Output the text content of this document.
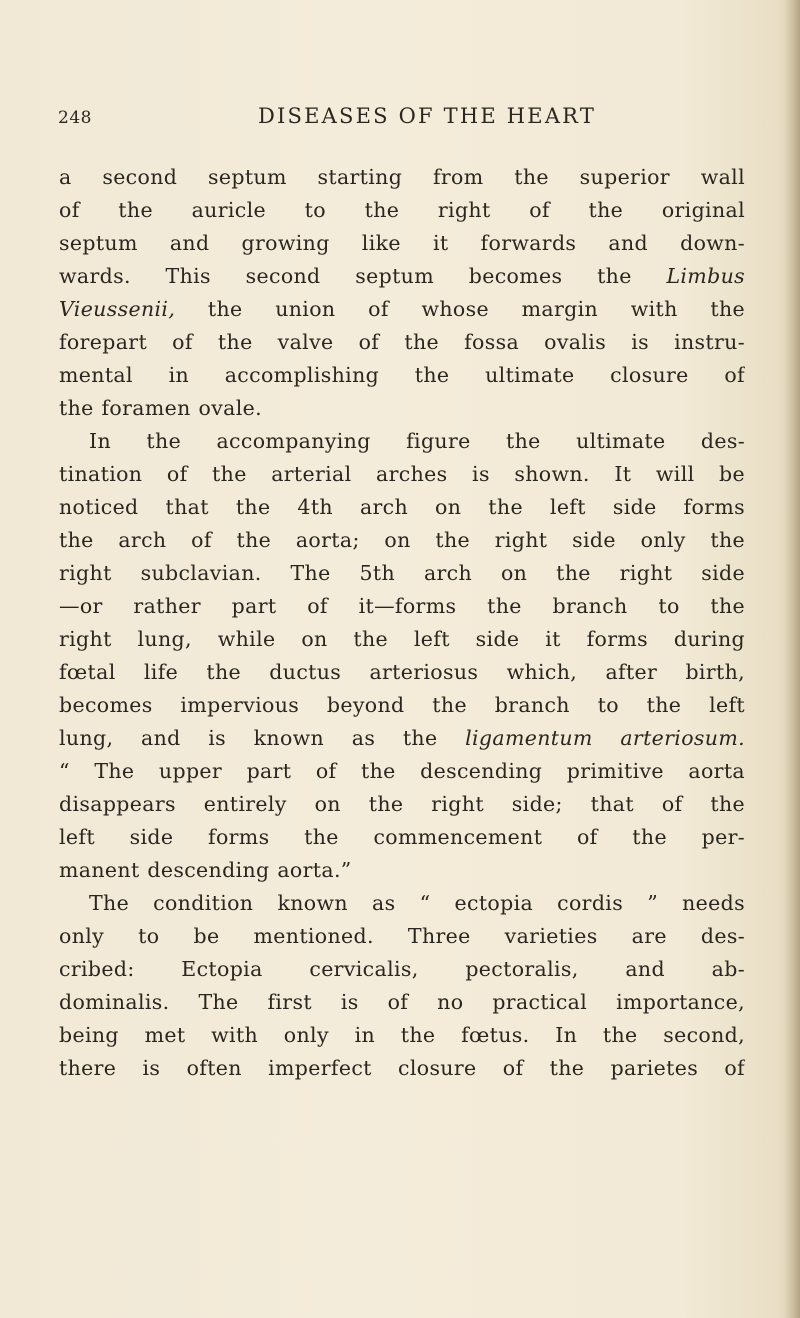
248	DISEASES OF THE HEART
a second septum starting from the superior wall
of the auricle to the right of the original
septum and growing like it forwards and down-
wards. This second septum becomes the Limbus
Vieussenii, the union of whose margin with the
forepart of the valve of the fossa ovalis is instru-
mental in accomplishing the ultimate closure of
the foramen ovale.
In the accompanying figure the ultimate des-
tination of the arterial arches is shown. It will be
noticed that the 4th arch on the left side forms
the arch of the aorta; on the right side only the
right subclavian. The 5th arch on the right side
—or rather part of it—forms the branch to the
right lung, while on the left side it forms during
fœtal life the ductus arteriosus which, after birth,
becomes impervious beyond the branch to the left
lung, and is known as the ligamentum arteriosum.
“ The upper part of the descending primitive aorta
disappears entirely on the right side; that of the
left side forms the commencement of the per-
manent descending aorta.”
The condition known as “ ectopia cordis ” needs
only to be mentioned. Three varieties are des-
cribed: Ectopia cervicalis, pectoralis, and ab-
dominalis. The first is of no practical importance,
being met with only in the fœtus. In the second,
there is often imperfect closure of the parietes of
